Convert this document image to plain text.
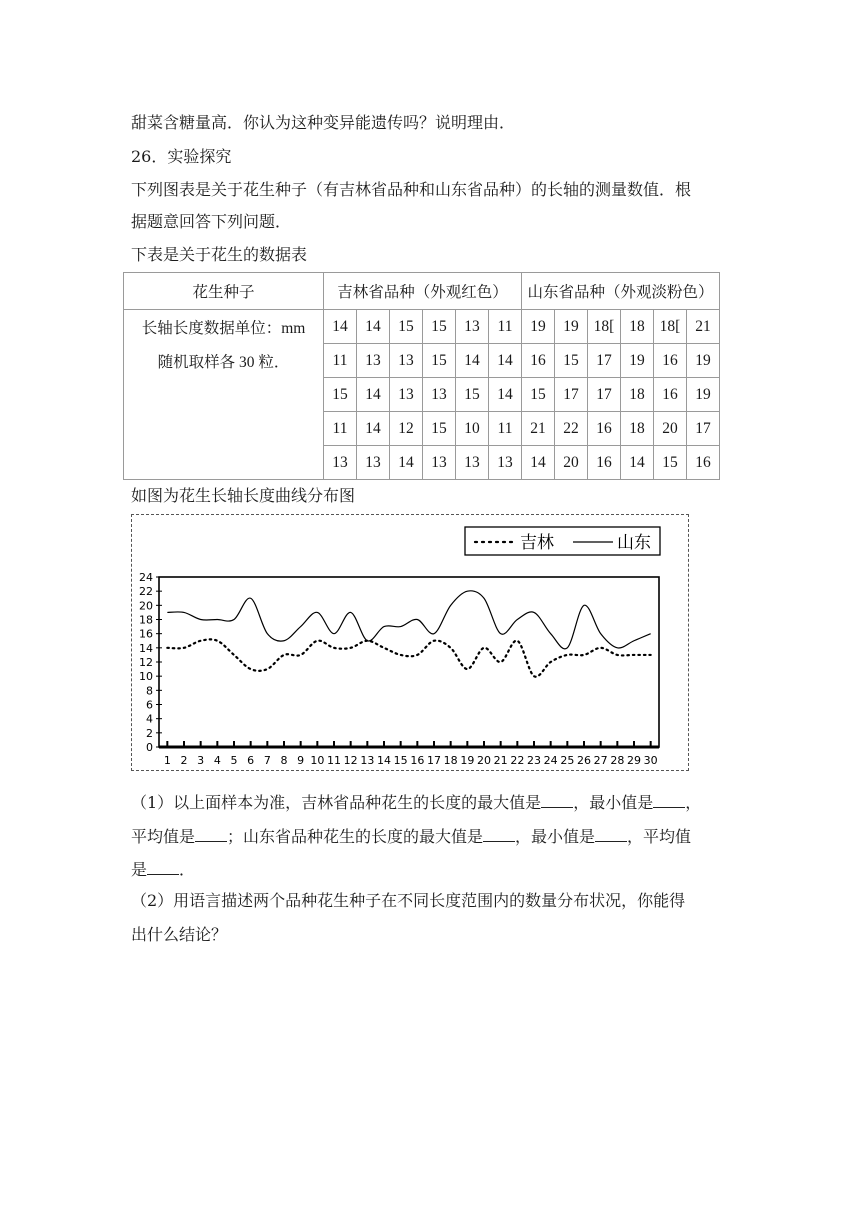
甜菜含糖量高．你认为这种变异能遗传吗？说明理由．
26．实验探究
下列图表是关于花生种子（有吉林省品种和山东省品种）的长轴的测量数值．根
据题意回答下列问题．
下表是关于花生的数据表
花生种子	吉林省品种（外观红色）						山东省品种（外观淡粉色）					

长轴长度数据单位：mm
随机取样各 30 粒．	14	14	15	15	13	11	19	19	18[	18	18[	21
	11	13	13	15	14	14	16	15	17	19	16	19
	15	14	13	13	15	14	15	17	17	18	16	19
	11	14	12	15	10	11	21	22	16	18	20	17
	13	13	14	13	13	13	14	20	16	14	15	16
如图为花生长轴长度曲线分布图
吉林	山东
0
2
4
6
8
10
12
14
16
18
20
22
24
1 2 3 4 5 6 7 8 9 10 11 12 13 14 15 16 17 18 19 20 21 22 23 24 25 26 27 28 29 30
（1）以上面样本为准，吉林省品种花生的长度的最大值是 ，最小值是 ，
平均值是 ；山东省品种花生的长度的最大值是 ，最小值是 ，平均值
是 ．
（2）用语言描述两个品种花生种子在不同长度范围内的数量分布状况，你能得
出什么结论？
